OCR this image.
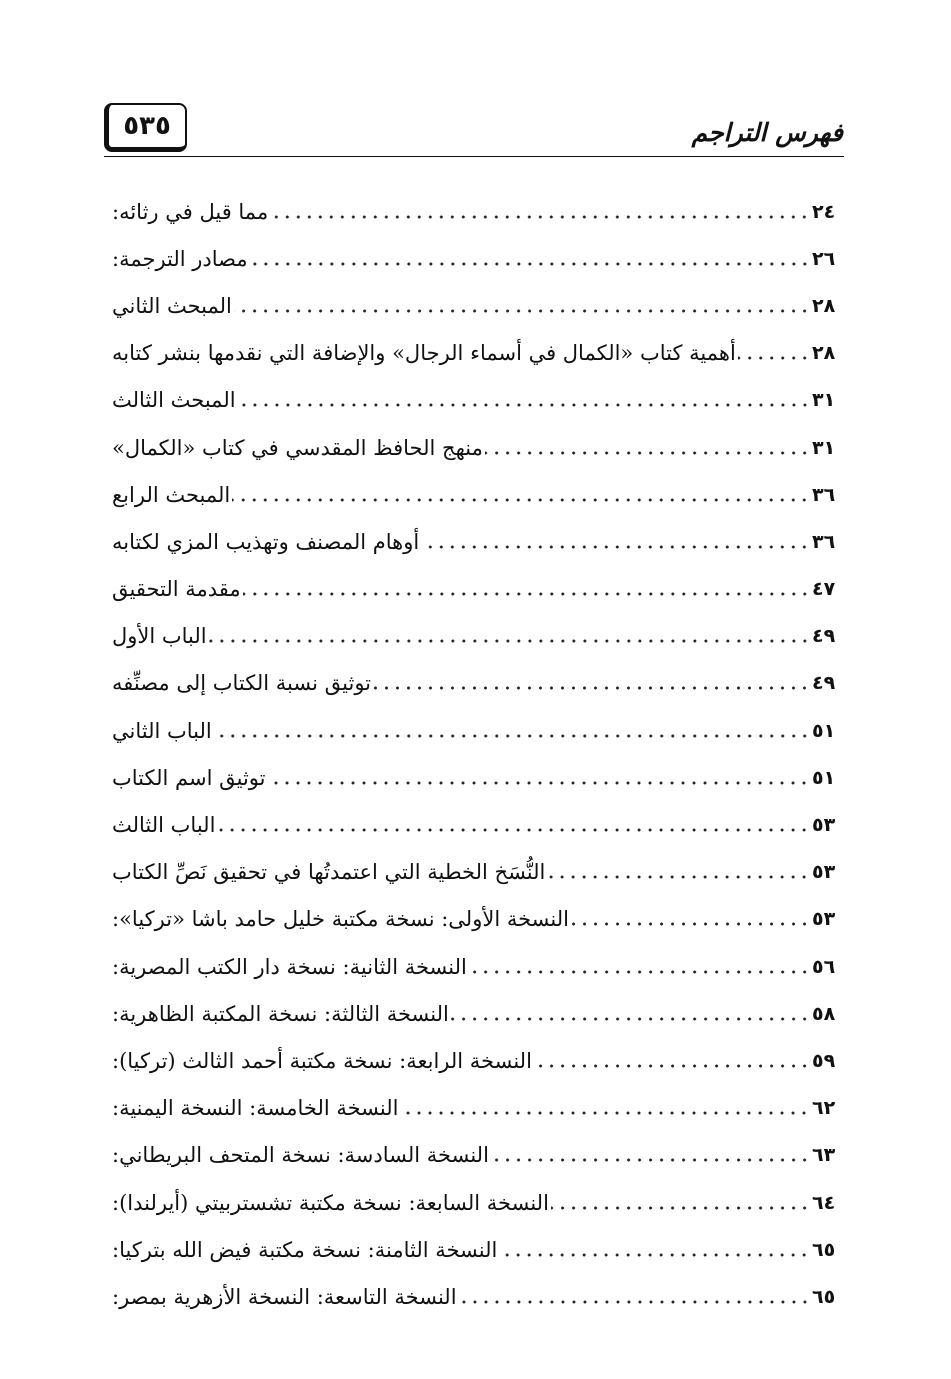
٥٣٥	فهرس التراجم
مما قيل في رثائه:	٢٤
مصادر الترجمة:	٢٦
المبحث الثاني	٢٨
أهمية كتاب «الكمال في أسماء الرجال» والإضافة التي نقدمها بنشر كتابه	٢٨
المبحث الثالث	٣١
منهج الحافظ المقدسي في كتاب «الكمال»	٣١
المبحث الرابع	٣٦
أوهام المصنف وتهذيب المزي لكتابه	٣٦
مقدمة التحقيق	٤٧
الباب الأول	٤٩
توثيق نسبة الكتاب إلى مصنِّفه	٤٩
الباب الثاني	٥١
توثيق اسم الكتاب	٥١
الباب الثالث	٥٣
النُّسَخ الخطية التي اعتمدتُها في تحقيق نَصِّ الكتاب	٥٣
النسخة الأولى: نسخة مكتبة خليل حامد باشا «تركيا»:	٥٣
النسخة الثانية: نسخة دار الكتب المصرية:	٥٦
النسخة الثالثة: نسخة المكتبة الظاهرية:	٥٨
النسخة الرابعة: نسخة مكتبة أحمد الثالث (تركيا):	٥٩
النسخة الخامسة: النسخة اليمنية:	٦٢
النسخة السادسة: نسخة المتحف البريطاني:	٦٣
النسخة السابعة: نسخة مكتبة تشستربيتي (أيرلندا):	٦٤
النسخة الثامنة: نسخة مكتبة فيض الله بتركيا:	٦٥
النسخة التاسعة: النسخة الأزهرية بمصر:	٦٥
